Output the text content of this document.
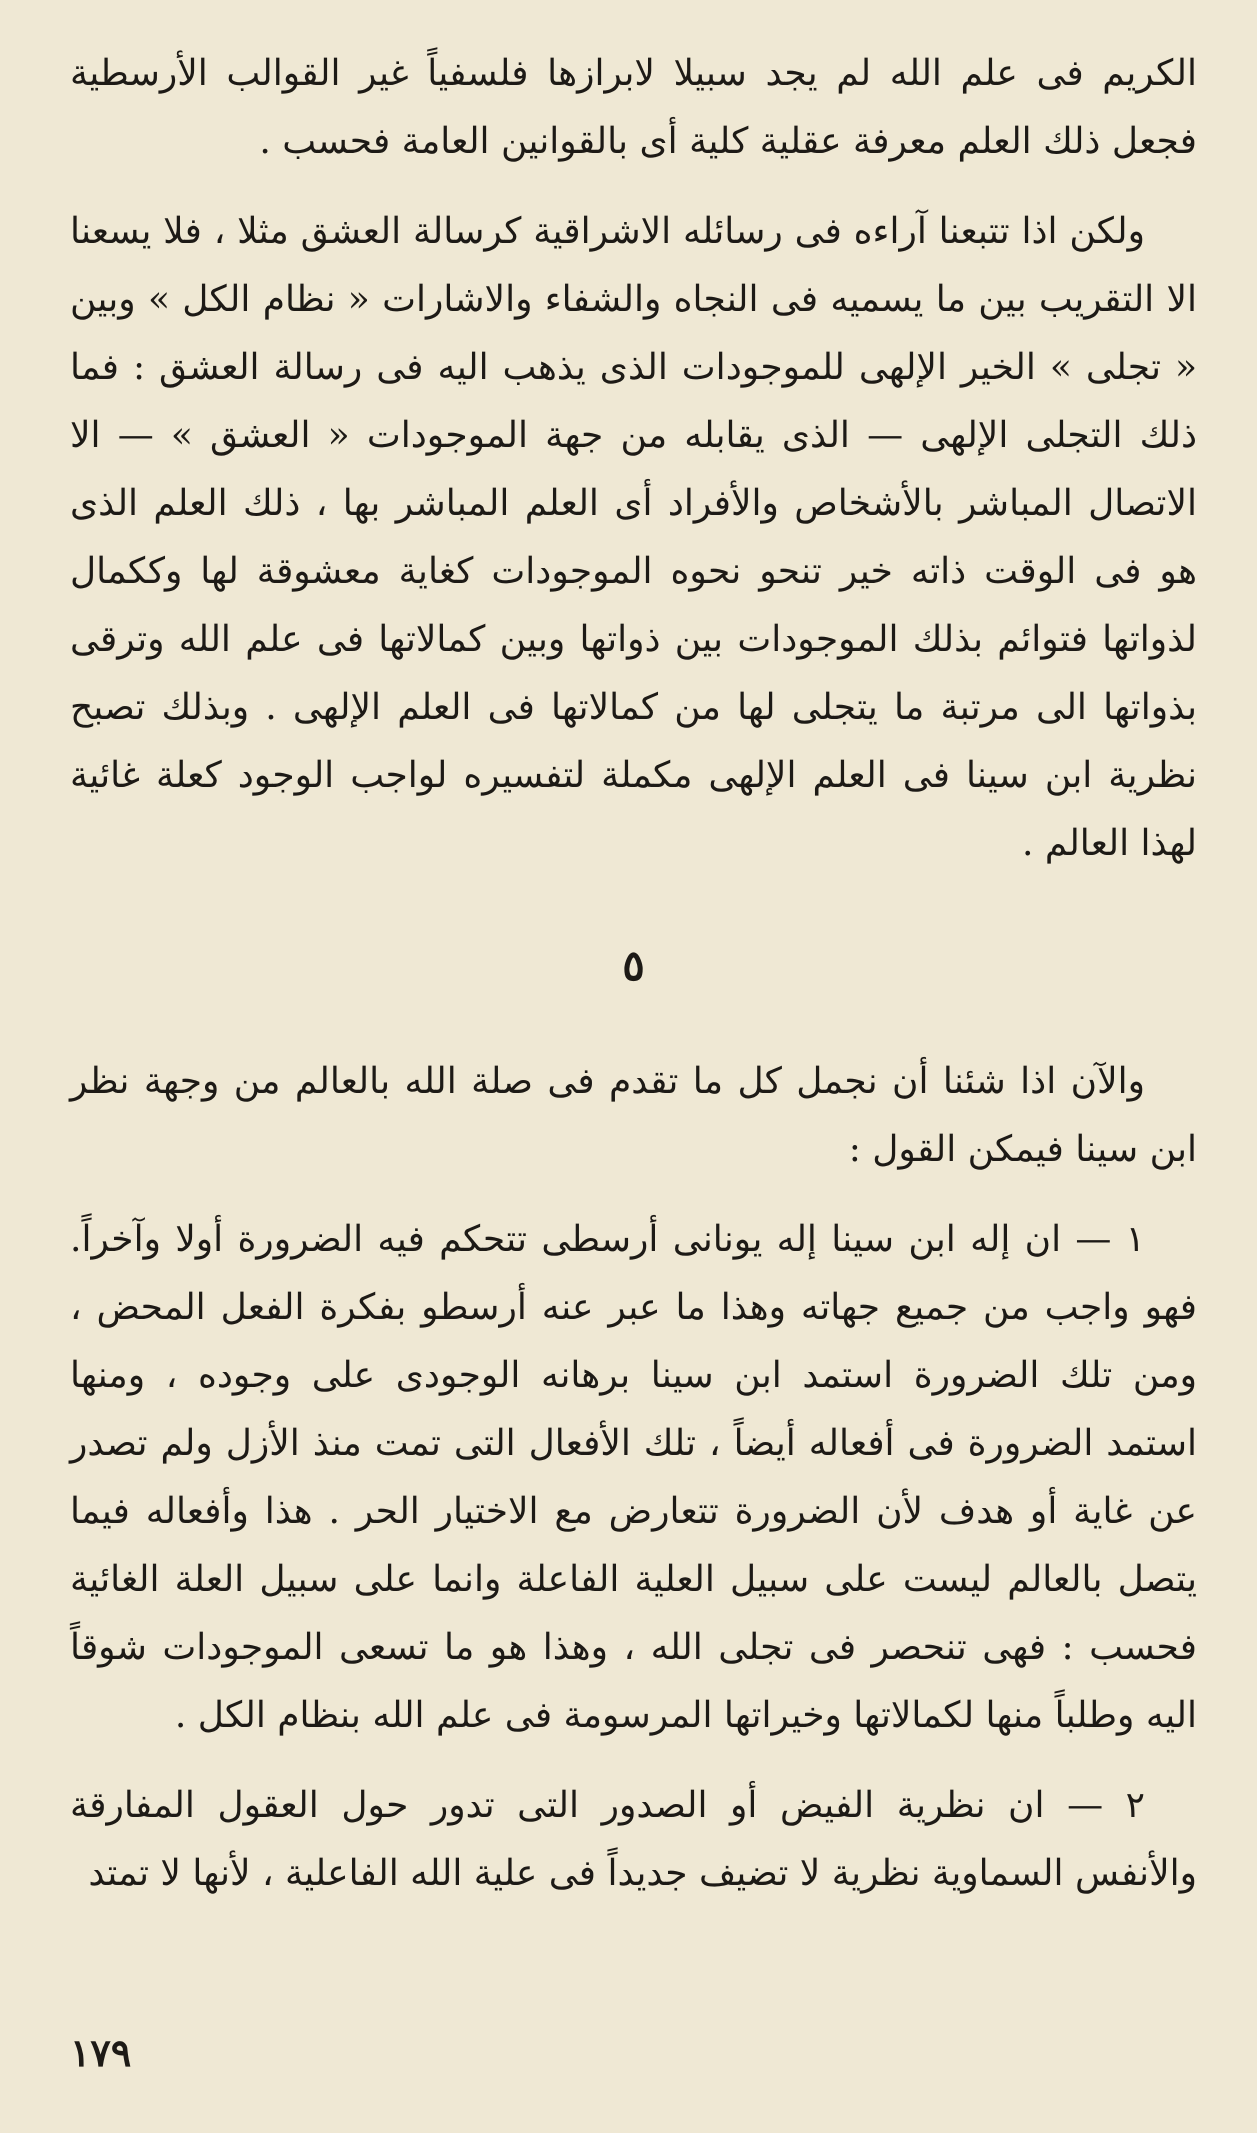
الكريم فى علم الله لم يجد سبيلا لابرازها فلسفياً غير القوالب الأرسطية فجعل ذلك العلم معرفة عقلية كلية أى بالقوانين العامة فحسب .

ولكن اذا تتبعنا آراءه فى رسائله الاشراقية كرسالة العشق مثلا ، فلا يسعنا الا التقريب بين ما يسميه فى النجاه والشفاء والاشارات « نظام الكل » وبين « تجلى » الخير الإلهى للموجودات الذى يذهب اليه فى رسالة العشق : فما ذلك التجلى الإلهى — الذى يقابله من جهة الموجودات « العشق » — الا الاتصال المباشر بالأشخاص والأفراد أى العلم المباشر بها ، ذلك العلم الذى هو فى الوقت ذاته خير تنحو نحوه الموجودات كغاية معشوقة لها وككمال لذواتها فتوائم بذلك الموجودات بين ذواتها وبين كمالاتها فى علم الله وترقى بذواتها الى مرتبة ما يتجلى لها من كمالاتها فى العلم الإلهى . وبذلك تصبح نظرية ابن سينا فى العلم الإلهى مكملة لتفسيره لواجب الوجود كعلة غائية لهذا العالم .

٥

والآن اذا شئنا أن نجمل كل ما تقدم فى صلة الله بالعالم من وجهة نظر ابن سينا فيمكن القول :

١ — ان إله ابن سينا إله يونانى أرسطى تتحكم فيه الضرورة أولا وآخراً. فهو واجب من جميع جهاته وهذا ما عبر عنه أرسطو بفكرة الفعل المحض ، ومن تلك الضرورة استمد ابن سينا برهانه الوجودى على وجوده ، ومنها استمد الضرورة فى أفعاله أيضاً ، تلك الأفعال التى تمت منذ الأزل ولم تصدر عن غاية أو هدف لأن الضرورة تتعارض مع الاختيار الحر . هذا وأفعاله فيما يتصل بالعالم ليست على سبيل العلية الفاعلة وانما على سبيل العلة الغائية فحسب : فهى تنحصر فى تجلى الله ، وهذا هو ما تسعى الموجودات شوقاً اليه وطلباً منها لكمالاتها وخيراتها المرسومة فى علم الله بنظام الكل .

٢ — ان نظرية الفيض أو الصدور التى تدور حول العقول المفارقة والأنفس السماوية نظرية لا تضيف جديداً فى علية الله الفاعلية ، لأنها لا تمتد

١٧٩
